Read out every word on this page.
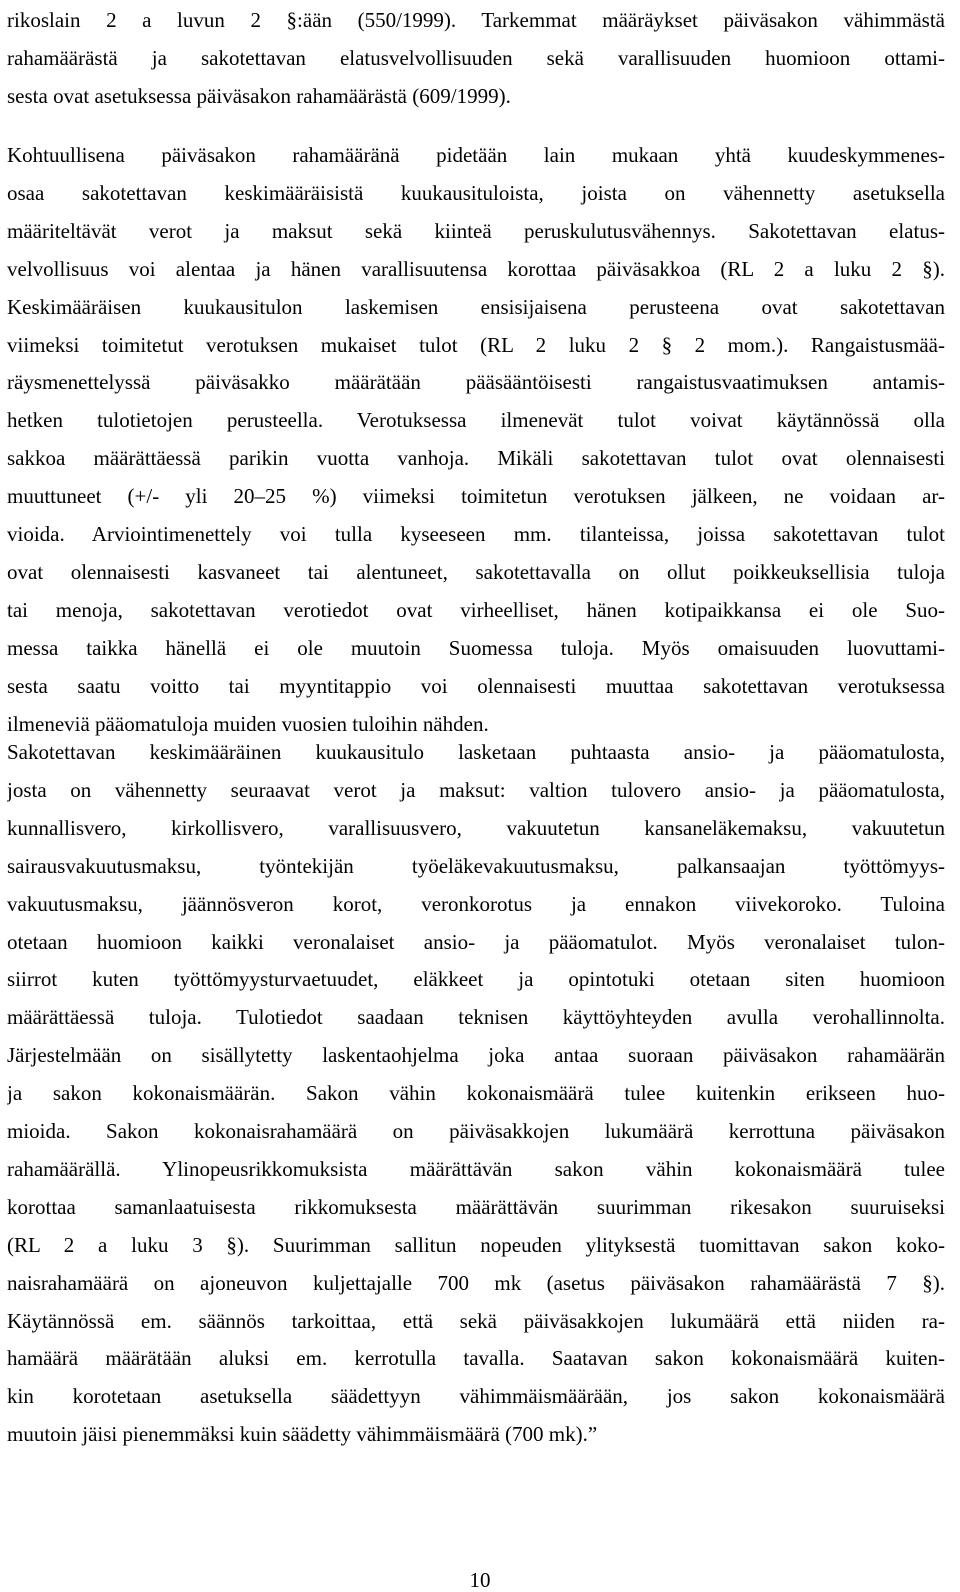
rikoslain 2 a luvun 2 §:ään (550/1999). Tarkemmat määräykset päiväsakon vähimmästä
rahamäärästä ja sakotettavan elatusvelvollisuuden sekä varallisuuden huomioon ottami-
sesta ovat asetuksessa päiväsakon rahamäärästä (609/1999).
Kohtuullisena päiväsakon rahamääränä pidetään lain mukaan yhtä kuudeskymmenes-
osaa sakotettavan keskimääräisistä kuukausituloista, joista on vähennetty asetuksella
määriteltävät verot ja maksut sekä kiinteä peruskulutusvähennys. Sakotettavan elatus-
velvollisuus voi alentaa ja hänen varallisuutensa korottaa päiväsakkoa (RL 2 a luku 2 §).
Keskimääräisen kuukausitulon laskemisen ensisijaisena perusteena ovat sakotettavan
viimeksi toimitetut verotuksen mukaiset tulot (RL 2 luku 2 § 2 mom.). Rangaistusmää-
räysmenettelyssä päiväsakko määrätään pääsääntöisesti rangaistusvaatimuksen antamis-
hetken tulotietojen perusteella. Verotuksessa ilmenevät tulot voivat käytännössä olla
sakkoa määrättäessä parikin vuotta vanhoja. Mikäli sakotettavan tulot ovat olennaisesti
muuttuneet (+/- yli 20–25 %) viimeksi toimitetun verotuksen jälkeen, ne voidaan ar-
vioida. Arviointimenettely voi tulla kyseeseen mm. tilanteissa, joissa sakotettavan tulot
ovat olennaisesti kasvaneet tai alentuneet, sakotettavalla on ollut poikkeuksellisia tuloja
tai menoja, sakotettavan verotiedot ovat virheelliset, hänen kotipaikkansa ei ole Suo-
messa taikka hänellä ei ole muutoin Suomessa tuloja. Myös omaisuuden luovuttami-
sesta saatu voitto tai myyntitappio voi olennaisesti muuttaa sakotettavan verotuksessa
ilmeneviä pääomatuloja muiden vuosien tuloihin nähden.
Sakotettavan keskimääräinen kuukausitulo lasketaan puhtaasta ansio- ja pääomatulosta,
josta on vähennetty seuraavat verot ja maksut: valtion tulovero ansio- ja pääomatulosta,
kunnallisvero, kirkollisvero, varallisuusvero, vakuutetun kansaneläkemaksu, vakuutetun
sairausvakuutusmaksu, työntekijän työeläkevakuutusmaksu, palkansaajan työttömyys-
vakuutusmaksu, jäännösveron korot, veronkorotus ja ennakon viivekoroko. Tuloina
otetaan huomioon kaikki veronalaiset ansio- ja pääomatulot. Myös veronalaiset tulon-
siirrot kuten työttömyysturvaetuudet, eläkkeet ja opintotuki otetaan siten huomioon
määrättäessä tuloja. Tulotiedot saadaan teknisen käyttöyhteyden avulla verohallinnolta.
Järjestelmään on sisällytetty laskentaohjelma joka antaa suoraan päiväsakon rahamäärän
ja sakon kokonaismäärän. Sakon vähin kokonaismäärä tulee kuitenkin erikseen huo-
mioida. Sakon kokonaisrahamäärä on päiväsakkojen lukumäärä kerrottuna päiväsakon
rahamäärällä. Ylinopeusrikkomuksista määrättävän sakon vähin kokonaismäärä tulee
korottaa samanlaatuisesta rikkomuksesta määrättävän suurimman rikesakon suuruiseksi
(RL 2 a luku 3 §). Suurimman sallitun nopeuden ylityksestä tuomittavan sakon koko-
naisrahamäärä on ajoneuvon kuljettajalle 700 mk (asetus päiväsakon rahamäärästä 7 §).
Käytännössä em. säännös tarkoittaa, että sekä päiväsakkojen lukumäärä että niiden ra-
hamäärä määrätään aluksi em. kerrotulla tavalla. Saatavan sakon kokonaismäärä kuiten-
kin korotetaan asetuksella säädettyyn vähimmäismäärään, jos sakon kokonaismäärä
muutoin jäisi pienemmäksi kuin säädetty vähimmäismäärä (700 mk).”
10
